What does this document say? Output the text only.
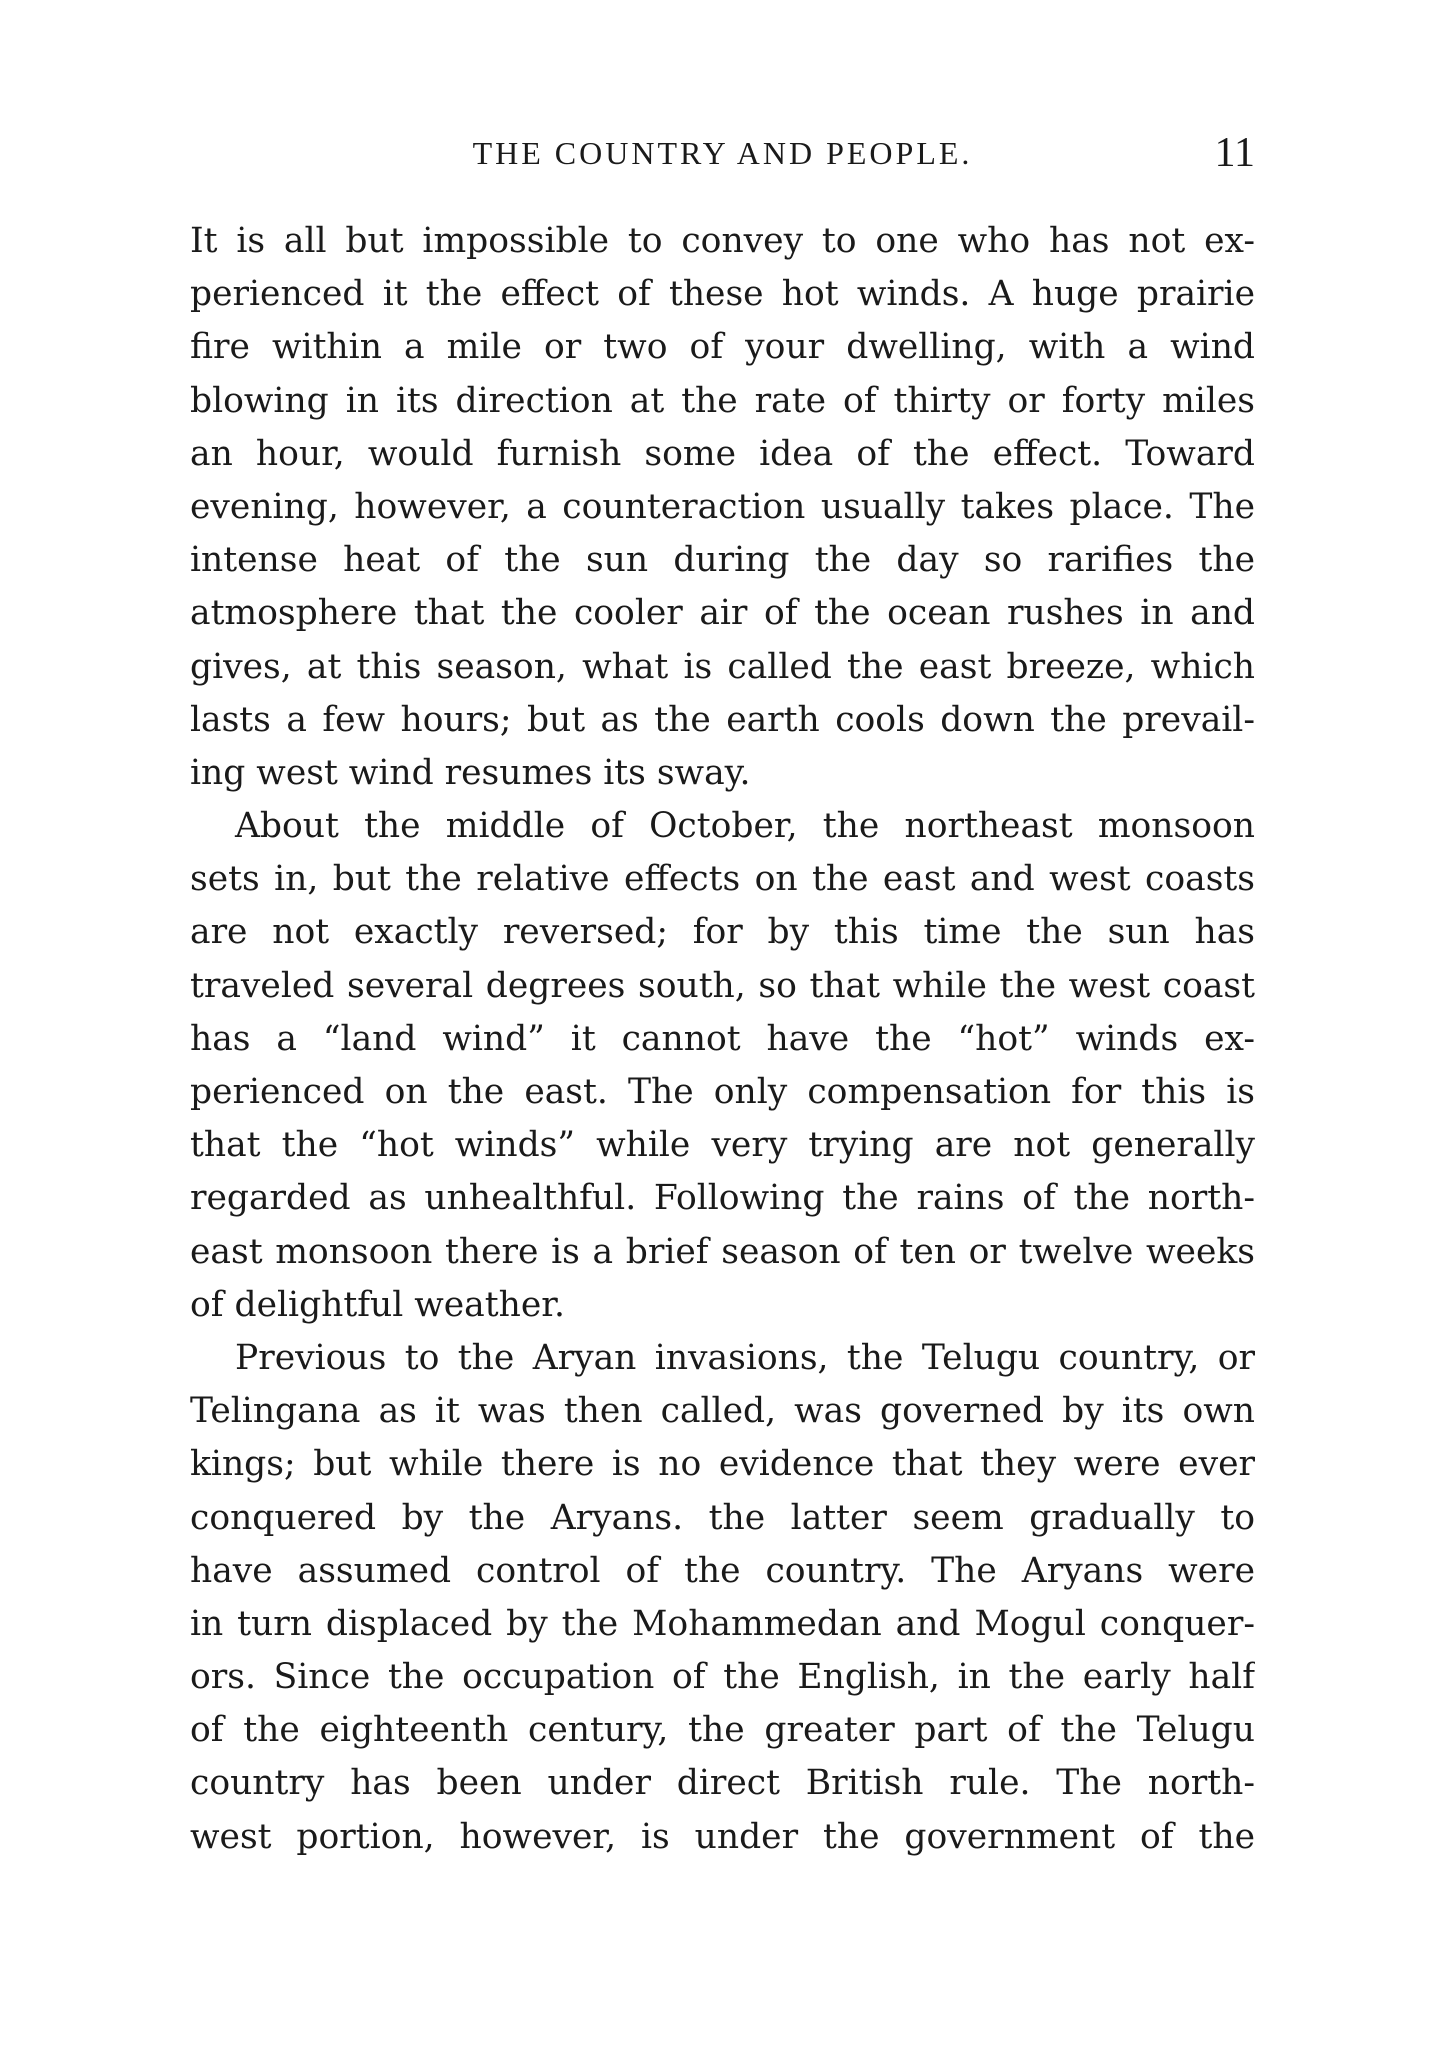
THE COUNTRY AND PEOPLE.	11
It is all but impossible to convey to one who has not ex-
perienced it the effect of these hot winds. A huge prairie
fire within a mile or two of your dwelling, with a wind
blowing in its direction at the rate of thirty or forty miles
an hour, would furnish some idea of the effect. Toward
evening, however, a counteraction usually takes place. The
intense heat of the sun during the day so rarifies the
atmosphere that the cooler air of the ocean rushes in and
gives, at this season, what is called the east breeze, which
lasts a few hours; but as the earth cools down the prevail-
ing west wind resumes its sway.
About the middle of October, the northeast monsoon
sets in, but the relative effects on the east and west coasts
are not exactly reversed; for by this time the sun has
traveled several degrees south, so that while the west coast
has a “land wind” it cannot have the “hot” winds ex-
perienced on the east. The only compensation for this is
that the “hot winds” while very trying are not generally
regarded as unhealthful. Following the rains of the north-
east monsoon there is a brief season of ten or twelve weeks
of delightful weather.
Previous to the Aryan invasions, the Telugu country, or
Telingana as it was then called, was governed by its own
kings; but while there is no evidence that they were ever
conquered by the Aryans. the latter seem gradually to
have assumed control of the country. The Aryans were
in turn displaced by the Mohammedan and Mogul conquer-
ors. Since the occupation of the English, in the early half
of the eighteenth century, the greater part of the Telugu
country has been under direct British rule. The north-
west portion, however, is under the government of the
